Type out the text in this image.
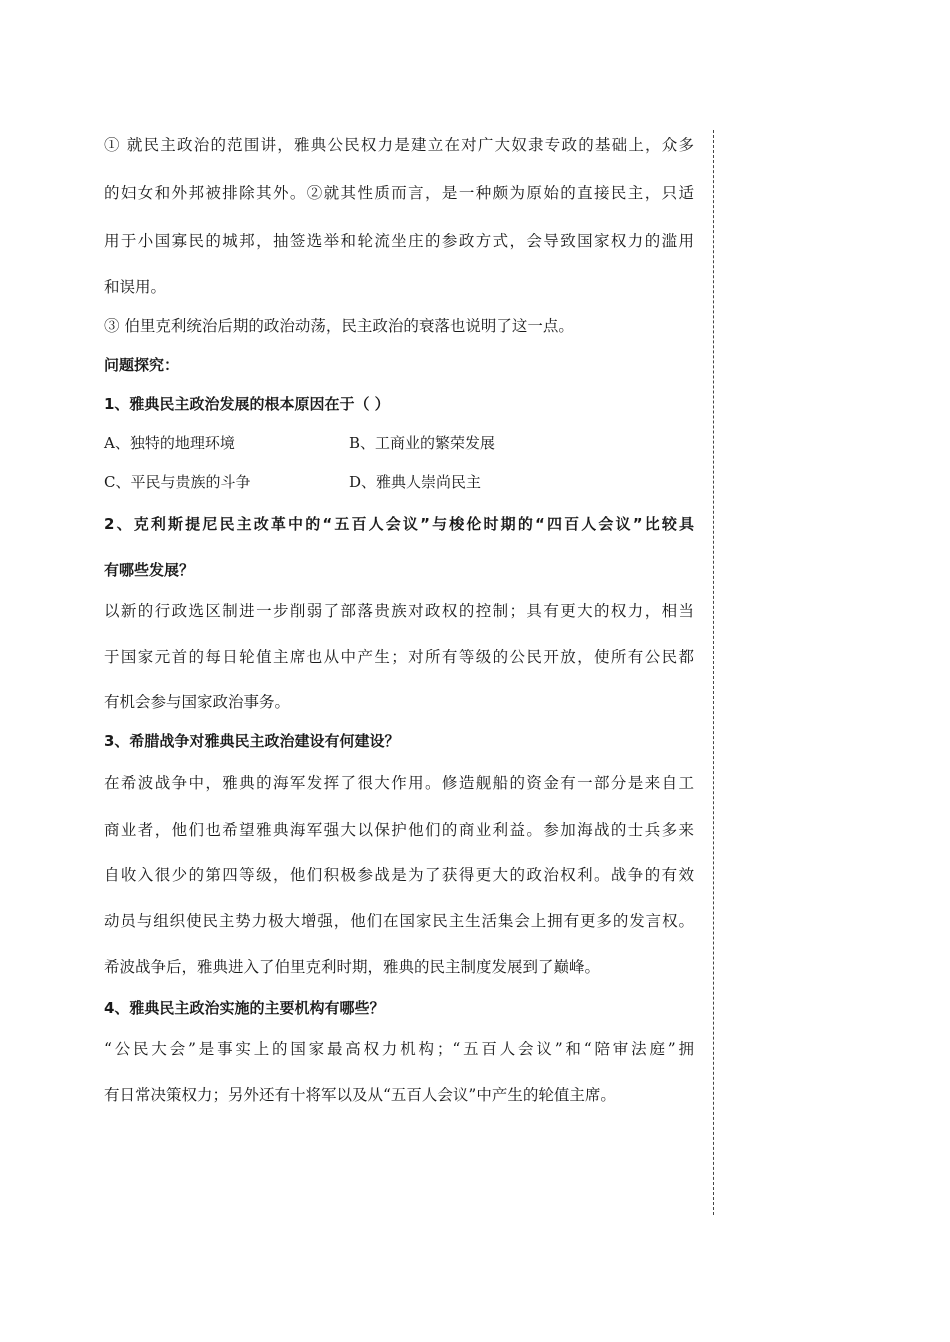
① 就民主政治的范围讲，雅典公民权力是建立在对广大奴隶专政的基础上，众多
的妇女和外邦被排除其外。②就其性质而言，是一种颇为原始的直接民主，只适
用于小国寡民的城邦，抽签选举和轮流坐庄的参政方式，会导致国家权力的滥用
和误用。
③ 伯里克利统治后期的政治动荡，民主政治的衰落也说明了这一点。
问题探究：
1、雅典民主政治发展的根本原因在于（ ）
A、独特的地理环境	B、工商业的繁荣发展
C、平民与贵族的斗争	D、雅典人崇尚民主
2、克利斯提尼民主改革中的“五百人会议”与梭伦时期的“四百人会议”比较具
有哪些发展？
以新的行政选区制进一步削弱了部落贵族对政权的控制；具有更大的权力，相当
于国家元首的每日轮值主席也从中产生；对所有等级的公民开放，使所有公民都
有机会参与国家政治事务。
3、希腊战争对雅典民主政治建设有何建设？
在希波战争中，雅典的海军发挥了很大作用。修造舰船的资金有一部分是来自工
商业者，他们也希望雅典海军强大以保护他们的商业利益。参加海战的士兵多来
自收入很少的第四等级，他们积极参战是为了获得更大的政治权利。战争的有效
动员与组织使民主势力极大增强，他们在国家民主生活集会上拥有更多的发言权。
希波战争后，雅典进入了伯里克利时期，雅典的民主制度发展到了巅峰。
4、雅典民主政治实施的主要机构有哪些？
“公民大会”是事实上的国家最高权力机构；“五百人会议”和“陪审法庭”拥
有日常决策权力；另外还有十将军以及从“五百人会议”中产生的轮值主席。
